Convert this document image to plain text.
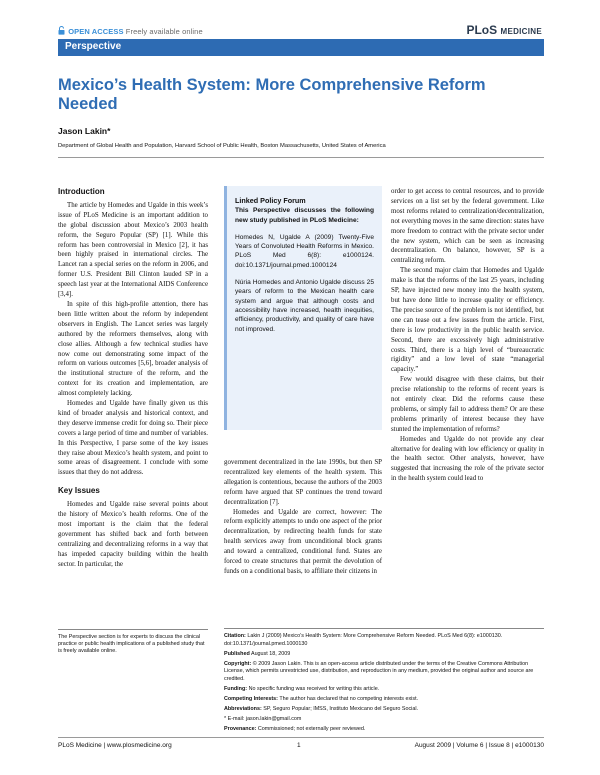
OPEN ACCESS Freely available online	PLoS MEDICINE
Perspective
Mexico’s Health System: More Comprehensive Reform Needed
Jason Lakin*
Department of Global Health and Population, Harvard School of Public Health, Boston Massachusetts, United States of America
Introduction

The article by Homedes and Ugalde in this week’s issue of PLoS Medicine is an important addition to the global discussion about Mexico’s 2003 health reform, the Seguro Popular (SP) [1]. While this reform has been controversial in Mexico [2], it has been highly praised in international circles. The Lancet ran a special series on the reform in 2006, and former U.S. President Bill Clinton lauded SP in a speech last year at the International AIDS Conference [3,4].

In spite of this high-profile attention, there has been little written about the reform by independent observers in English. The Lancet series was largely authored by the reformers themselves, along with close allies. Although a few technical studies have now come out demonstrating some impact of the reform on various outcomes [5,6], broader analysis of the institutional structure of the reform, and the context for its creation and implementation, are almost completely lacking.

Homedes and Ugalde have finally given us this kind of broader analysis and historical context, and they deserve immense credit for doing so. Their piece covers a large period of time and number of variables. In this Perspective, I parse some of the key issues they raise about Mexico’s health system, and point to some areas of disagreement. I conclude with some issues that they do not address.

Key Issues

Homedes and Ugalde raise several points about the history of Mexico’s health reforms. One of the most important is the claim that the federal government has shifted back and forth between centralizing and decentralizing reforms in a way that has impeded capacity building within the health sector. In particular, the

Linked Policy Forum
This Perspective discusses the following new study published in PLoS Medicine:

Homedes N, Ugalde A (2009) Twenty-Five Years of Convoluted Health Reforms in Mexico. PLoS Med 6(8): e1000124. doi:10.1371/journal.pmed.1000124

Núria Homedes and Antonio Ugalde discuss 25 years of reform to the Mexican health care system and argue that although costs and accessibility have increased, health inequities, efficiency, productivity, and quality of care have not improved.

government decentralized in the late 1990s, but then SP recentralized key elements of the health system. This allegation is contentious, because the authors of the 2003 reform have argued that SP continues the trend toward decentralization [7].

Homedes and Ugalde are correct, however: The reform explicitly attempts to undo one aspect of the prior decentralization, by redirecting health funds for state health services away from unconditional block grants and toward a centralized, conditional fund. States are forced to create structures that permit the devolution of funds on a conditional basis, to affiliate their citizens in

order to get access to central resources, and to provide services on a list set by the federal government. Like most reforms related to centralization/decentralization, not everything moves in the same direction: states have more freedom to contract with the private sector under the new system, which can be seen as increasing decentralization. On balance, however, SP is a centralizing reform.

The second major claim that Homedes and Ugalde make is that the reforms of the last 25 years, including SP, have injected new money into the health system, but have done little to increase quality or efficiency. The precise source of the problem is not identified, but one can tease out a few issues from the article. First, there is low productivity in the public health service. Second, there are excessively high administrative costs. Third, there is a high level of “bureaucratic rigidity” and a low level of state “managerial capacity.”

Few would disagree with these claims, but their precise relationship to the reforms of recent years is not entirely clear. Did the reforms cause these problems, or simply fail to address them? Or are these problems primarily of interest because they have stunted the implementation of reforms?

Homedes and Ugalde do not provide any clear alternative for dealing with low efficiency or quality in the health sector. Other analysts, however, have suggested that increasing the role of the private sector in the health system could lead to

The Perspective section is for experts to discuss the clinical practice or public health implications of a published study that is freely available online.
Citation: Lakin J (2009) Mexico’s Health System: More Comprehensive Reform Needed. PLoS Med 6(8): e1000130. doi:10.1371/journal.pmed.1000130
Published August 18, 2009
Copyright: © 2009 Jason Lakin. This is an open-access article distributed under the terms of the Creative Commons Attribution License, which permits unrestricted use, distribution, and reproduction in any medium, provided the original author and source are credited.
Funding: No specific funding was received for writing this article.
Competing Interests: The author has declared that no competing interests exist.
Abbreviations: SP, Seguro Popular; IMSS, Instituto Mexicano del Seguro Social.
* E-mail: jason.lakin@gmail.com
Provenance: Commissioned; not externally peer reviewed.
PLoS Medicine | www.plosmedicine.org	1	August 2009 | Volume 6 | Issue 8 | e1000130
